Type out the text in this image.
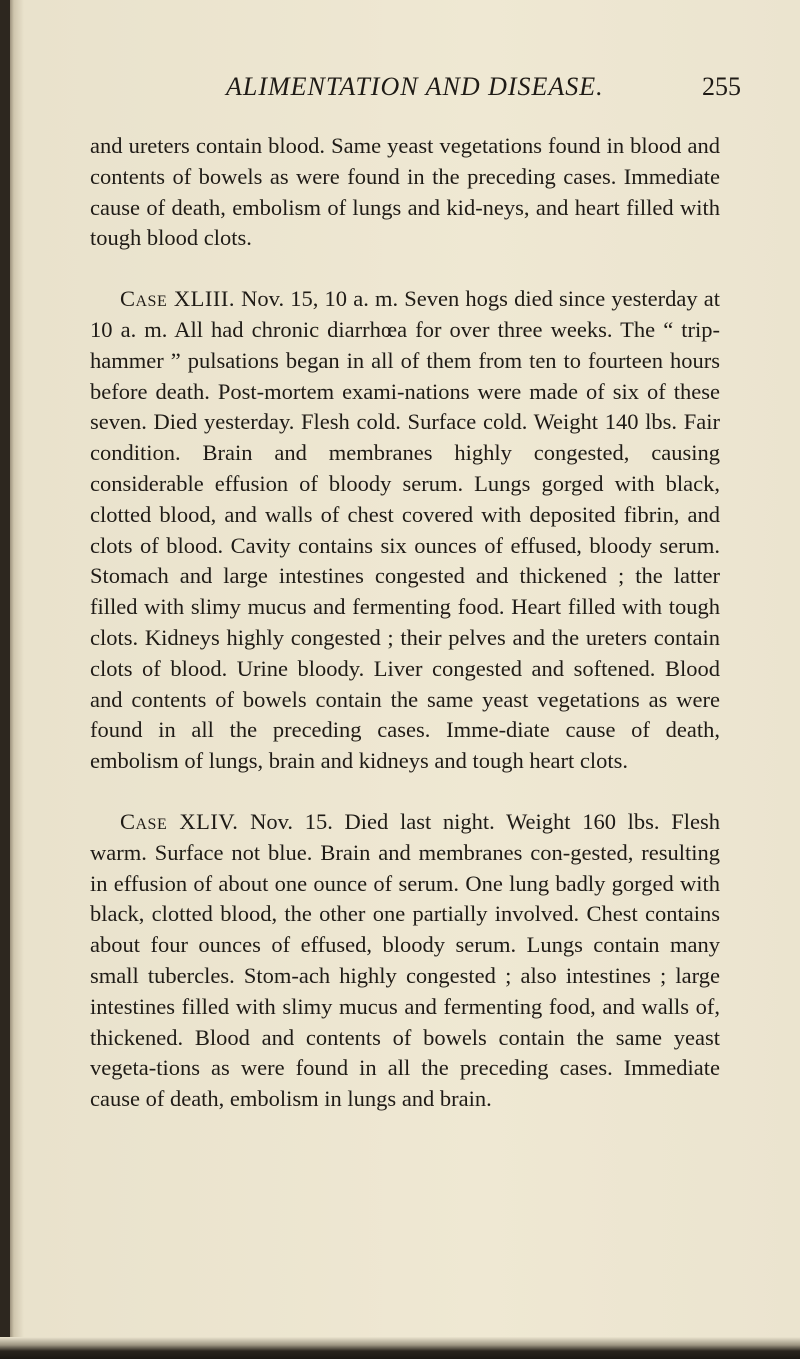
ALIMENTATION AND DISEASE.	255

and ureters contain blood. Same yeast vegetations found in blood and contents of bowels as were found in the preceding cases. Immediate cause of death, embolism of lungs and kid-neys, and heart filled with tough blood clots.

Case XLIII. Nov. 15, 10 a. m. Seven hogs died since yesterday at 10 a. m. All had chronic diarrhœa for over three weeks. The “ trip-hammer ” pulsations began in all of them from ten to fourteen hours before death. Post-mortem exami-nations were made of six of these seven. Died yesterday. Flesh cold. Surface cold. Weight 140 lbs. Fair condition. Brain and membranes highly congested, causing considerable effusion of bloody serum. Lungs gorged with black, clotted blood, and walls of chest covered with deposited fibrin, and clots of blood. Cavity contains six ounces of effused, bloody serum. Stomach and large intestines congested and thickened ; the latter filled with slimy mucus and fermenting food. Heart filled with tough clots. Kidneys highly congested ; their pelves and the ureters contain clots of blood. Urine bloody. Liver congested and softened. Blood and contents of bowels contain the same yeast vegetations as were found in all the preceding cases. Imme-diate cause of death, embolism of lungs, brain and kidneys and tough heart clots.

Case XLIV. Nov. 15. Died last night. Weight 160 lbs. Flesh warm. Surface not blue. Brain and membranes con-gested, resulting in effusion of about one ounce of serum. One lung badly gorged with black, clotted blood, the other one partially involved. Chest contains about four ounces of effused, bloody serum. Lungs contain many small tubercles. Stom-ach highly congested ; also intestines ; large intestines filled with slimy mucus and fermenting food, and walls of, thickened. Blood and contents of bowels contain the same yeast vegeta-tions as were found in all the preceding cases. Immediate cause of death, embolism in lungs and brain.
